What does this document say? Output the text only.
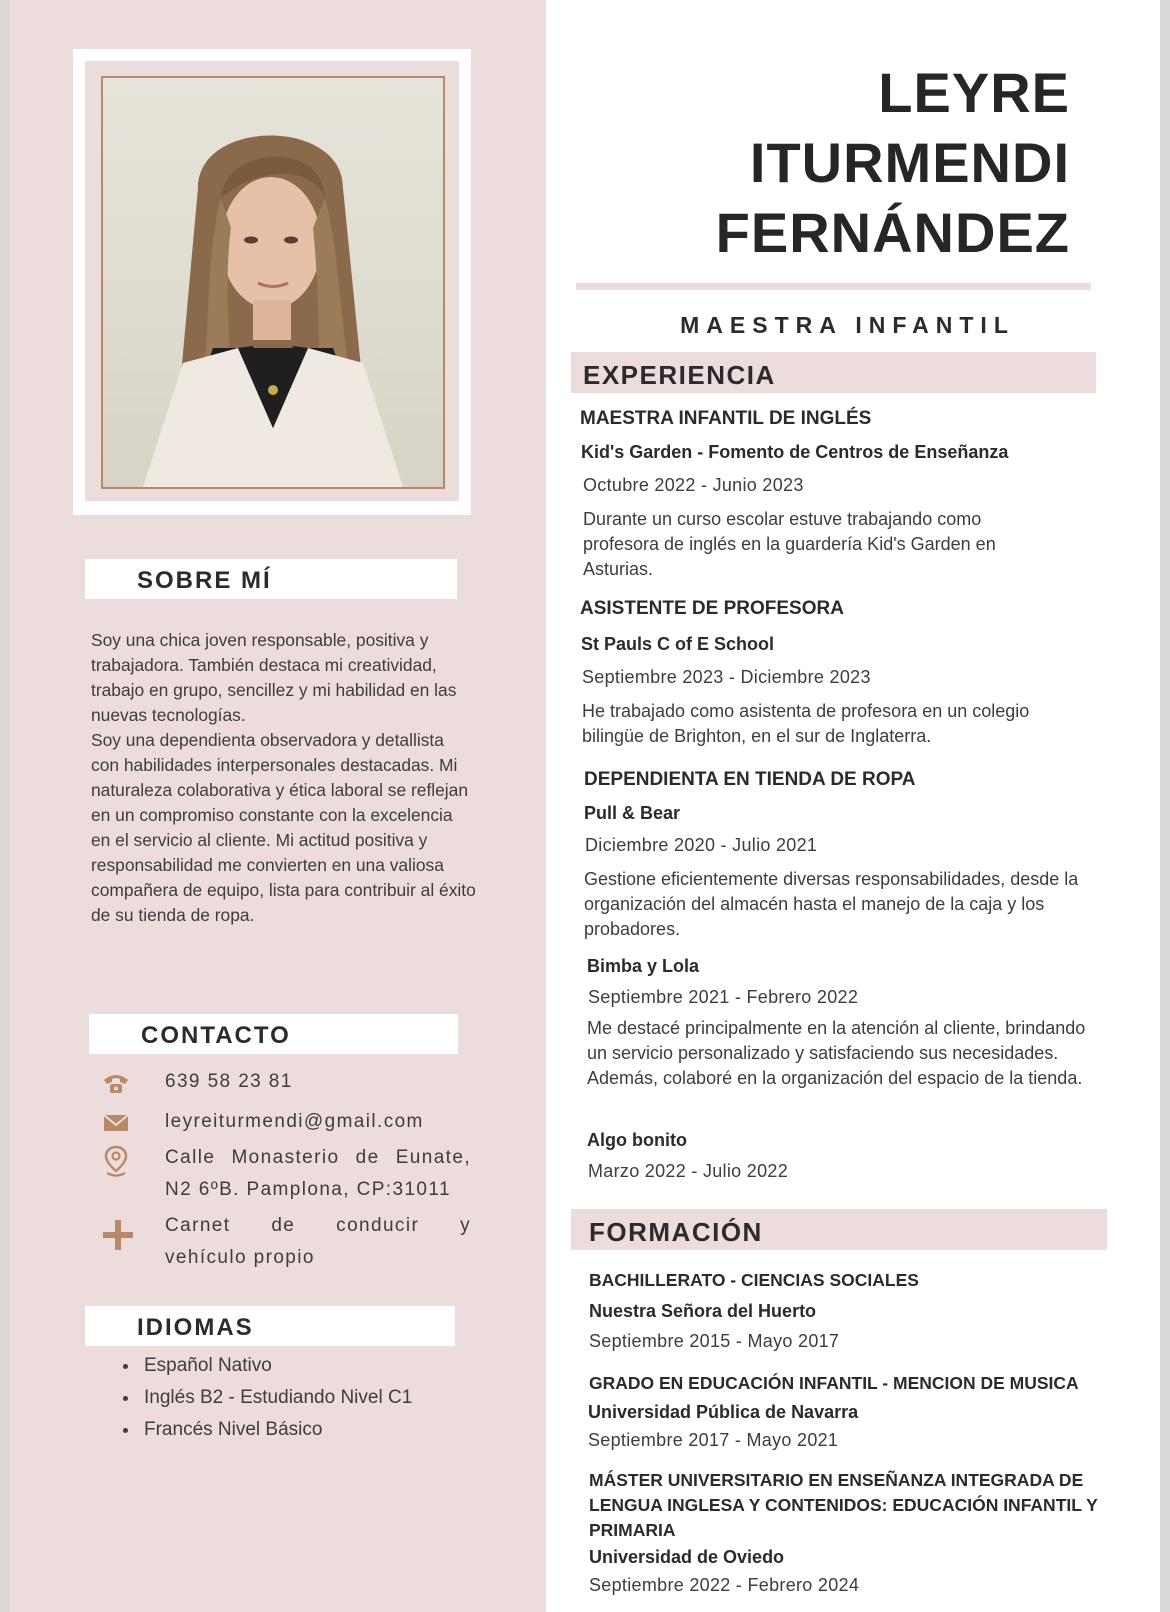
SOBRE MÍ
Soy una chica joven responsable, positiva y trabajadora. También destaca mi creatividad, trabajo en grupo, sencillez y mi habilidad en las nuevas tecnologías.
Soy una dependienta observadora y detallista con habilidades interpersonales destacadas. Mi naturaleza colaborativa y ética laboral se reflejan en un compromiso constante con la excelencia en el servicio al cliente. Mi actitud positiva y responsabilidad me convierten en una valiosa compañera de equipo, lista para contribuir al éxito de su tienda de ropa.
CONTACTO
639 58 23 81
leyreiturmendi@gmail.com
Calle Monasterio de Eunate,
N2 6ºB. Pamplona, CP:31011
Carnet de conducir y
vehículo propio
IDIOMAS
• Español Nativo
• Inglés B2 - Estudiando Nivel C1
• Francés Nivel Básico
LEYRE
ITURMENDI
FERNÁNDEZ
MAESTRA INFANTIL
EXPERIENCIA
MAESTRA INFANTIL DE INGLÉS
Kid's Garden - Fomento de Centros de Enseñanza
Octubre 2022 - Junio 2023
Durante un curso escolar estuve trabajando como profesora de inglés en la guardería Kid's Garden en Asturias.
ASISTENTE DE PROFESORA
St Pauls C of E School
Septiembre 2023 - Diciembre 2023
He trabajado como asistenta de profesora en un colegio bilingüe de Brighton, en el sur de Inglaterra.
DEPENDIENTA EN TIENDA DE ROPA
Pull & Bear
Diciembre 2020 - Julio 2021
Gestione eficientemente diversas responsabilidades, desde la organización del almacén hasta el manejo de la caja y los probadores.
Bimba y Lola
Septiembre 2021 - Febrero 2022
Me destacé principalmente en la atención al cliente, brindando un servicio personalizado y satisfaciendo sus necesidades. Además, colaboré en la organización del espacio de la tienda.
Algo bonito
Marzo 2022 - Julio 2022
FORMACIÓN
BACHILLERATO - CIENCIAS SOCIALES
Nuestra Señora del Huerto
Septiembre 2015 - Mayo 2017
GRADO EN EDUCACIÓN INFANTIL - MENCION DE MUSICA
Universidad Pública de Navarra
Septiembre 2017 - Mayo 2021
MÁSTER UNIVERSITARIO EN ENSEÑANZA INTEGRADA DE LENGUA INGLESA Y CONTENIDOS: EDUCACIÓN INFANTIL Y PRIMARIA
Universidad de Oviedo
Septiembre 2022 - Febrero 2024
